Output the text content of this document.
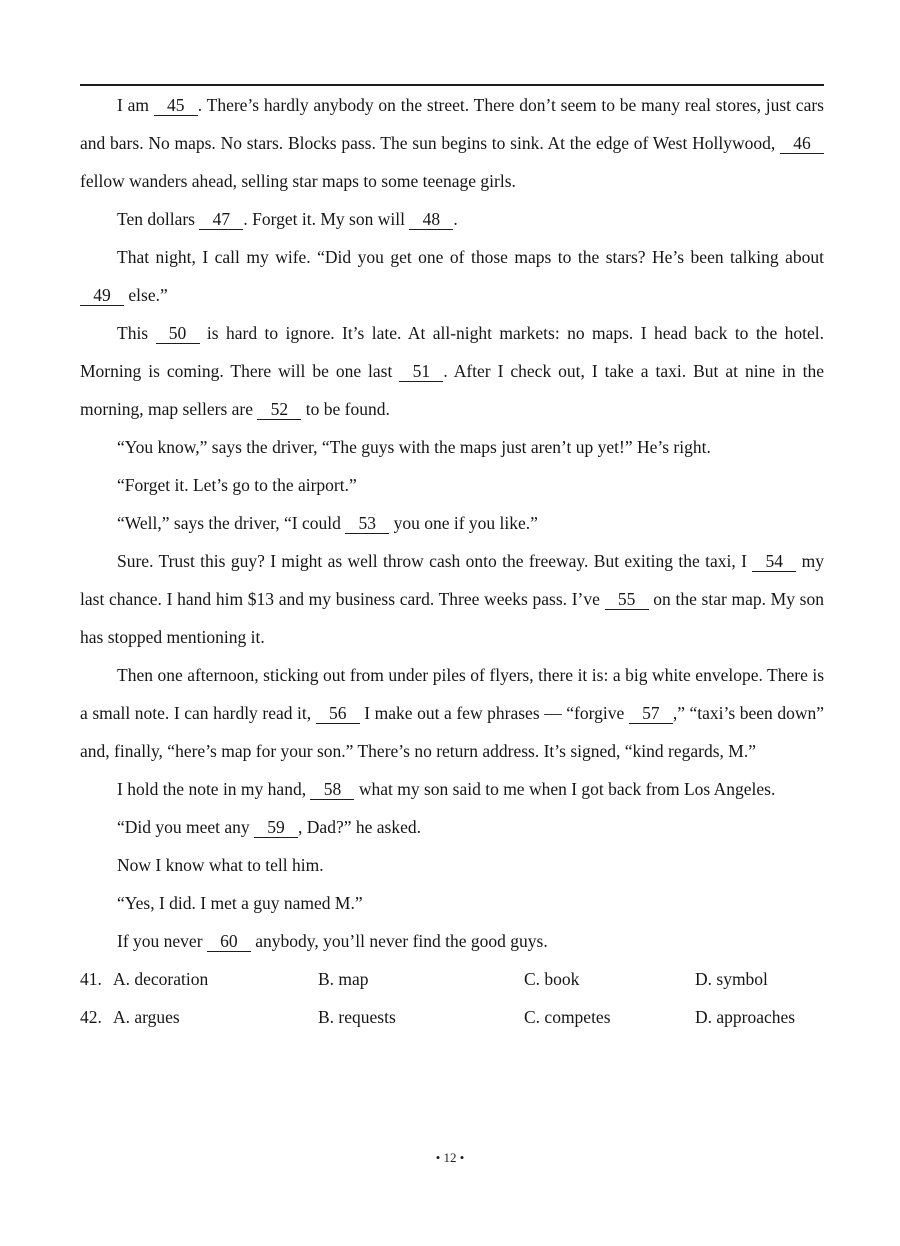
I am 45 . There’s hardly anybody on the street. There don’t seem to be many real stores, just cars and bars. No maps. No stars. Blocks pass. The sun begins to sink. At the edge of West Hollywood, 46 fellow wanders ahead, selling star maps to some teenage girls.

Ten dollars 47 . Forget it. My son will 48 .

That night, I call my wife. “Did you get one of those maps to the stars? He’s been talking about 49 else.”

This 50 is hard to ignore. It’s late. At all-night markets: no maps. I head back to the hotel. Morning is coming. There will be one last 51 . After I check out, I take a taxi. But at nine in the morning, map sellers are 52 to be found.

“You know,” says the driver, “The guys with the maps just aren’t up yet!” He’s right.

“Forget it. Let’s go to the airport.”

“Well,” says the driver, “I could 53 you one if you like.”

Sure. Trust this guy? I might as well throw cash onto the freeway. But exiting the taxi, I 54 my last chance. I hand him $13 and my business card. Three weeks pass. I’ve 55 on the star map. My son has stopped mentioning it.

Then one afternoon, sticking out from under piles of flyers, there it is: a big white envelope. There is a small note. I can hardly read it, 56 I make out a few phrases — “forgive 57 ,” “taxi’s been down” and, finally, “here’s map for your son.” There’s no return address. It’s signed, “kind regards, M.”

I hold the note in my hand, 58 what my son said to me when I got back from Los Angeles.

“Did you meet any 59 , Dad?” he asked.

Now I know what to tell him.

“Yes, I did. I met a guy named M.”

If you never 60 anybody, you’ll never find the good guys.

41. A. decoration	B. map	C. book	D. symbol
42. A. argues	B. requests	C. competes	D. approaches
• 12 •
